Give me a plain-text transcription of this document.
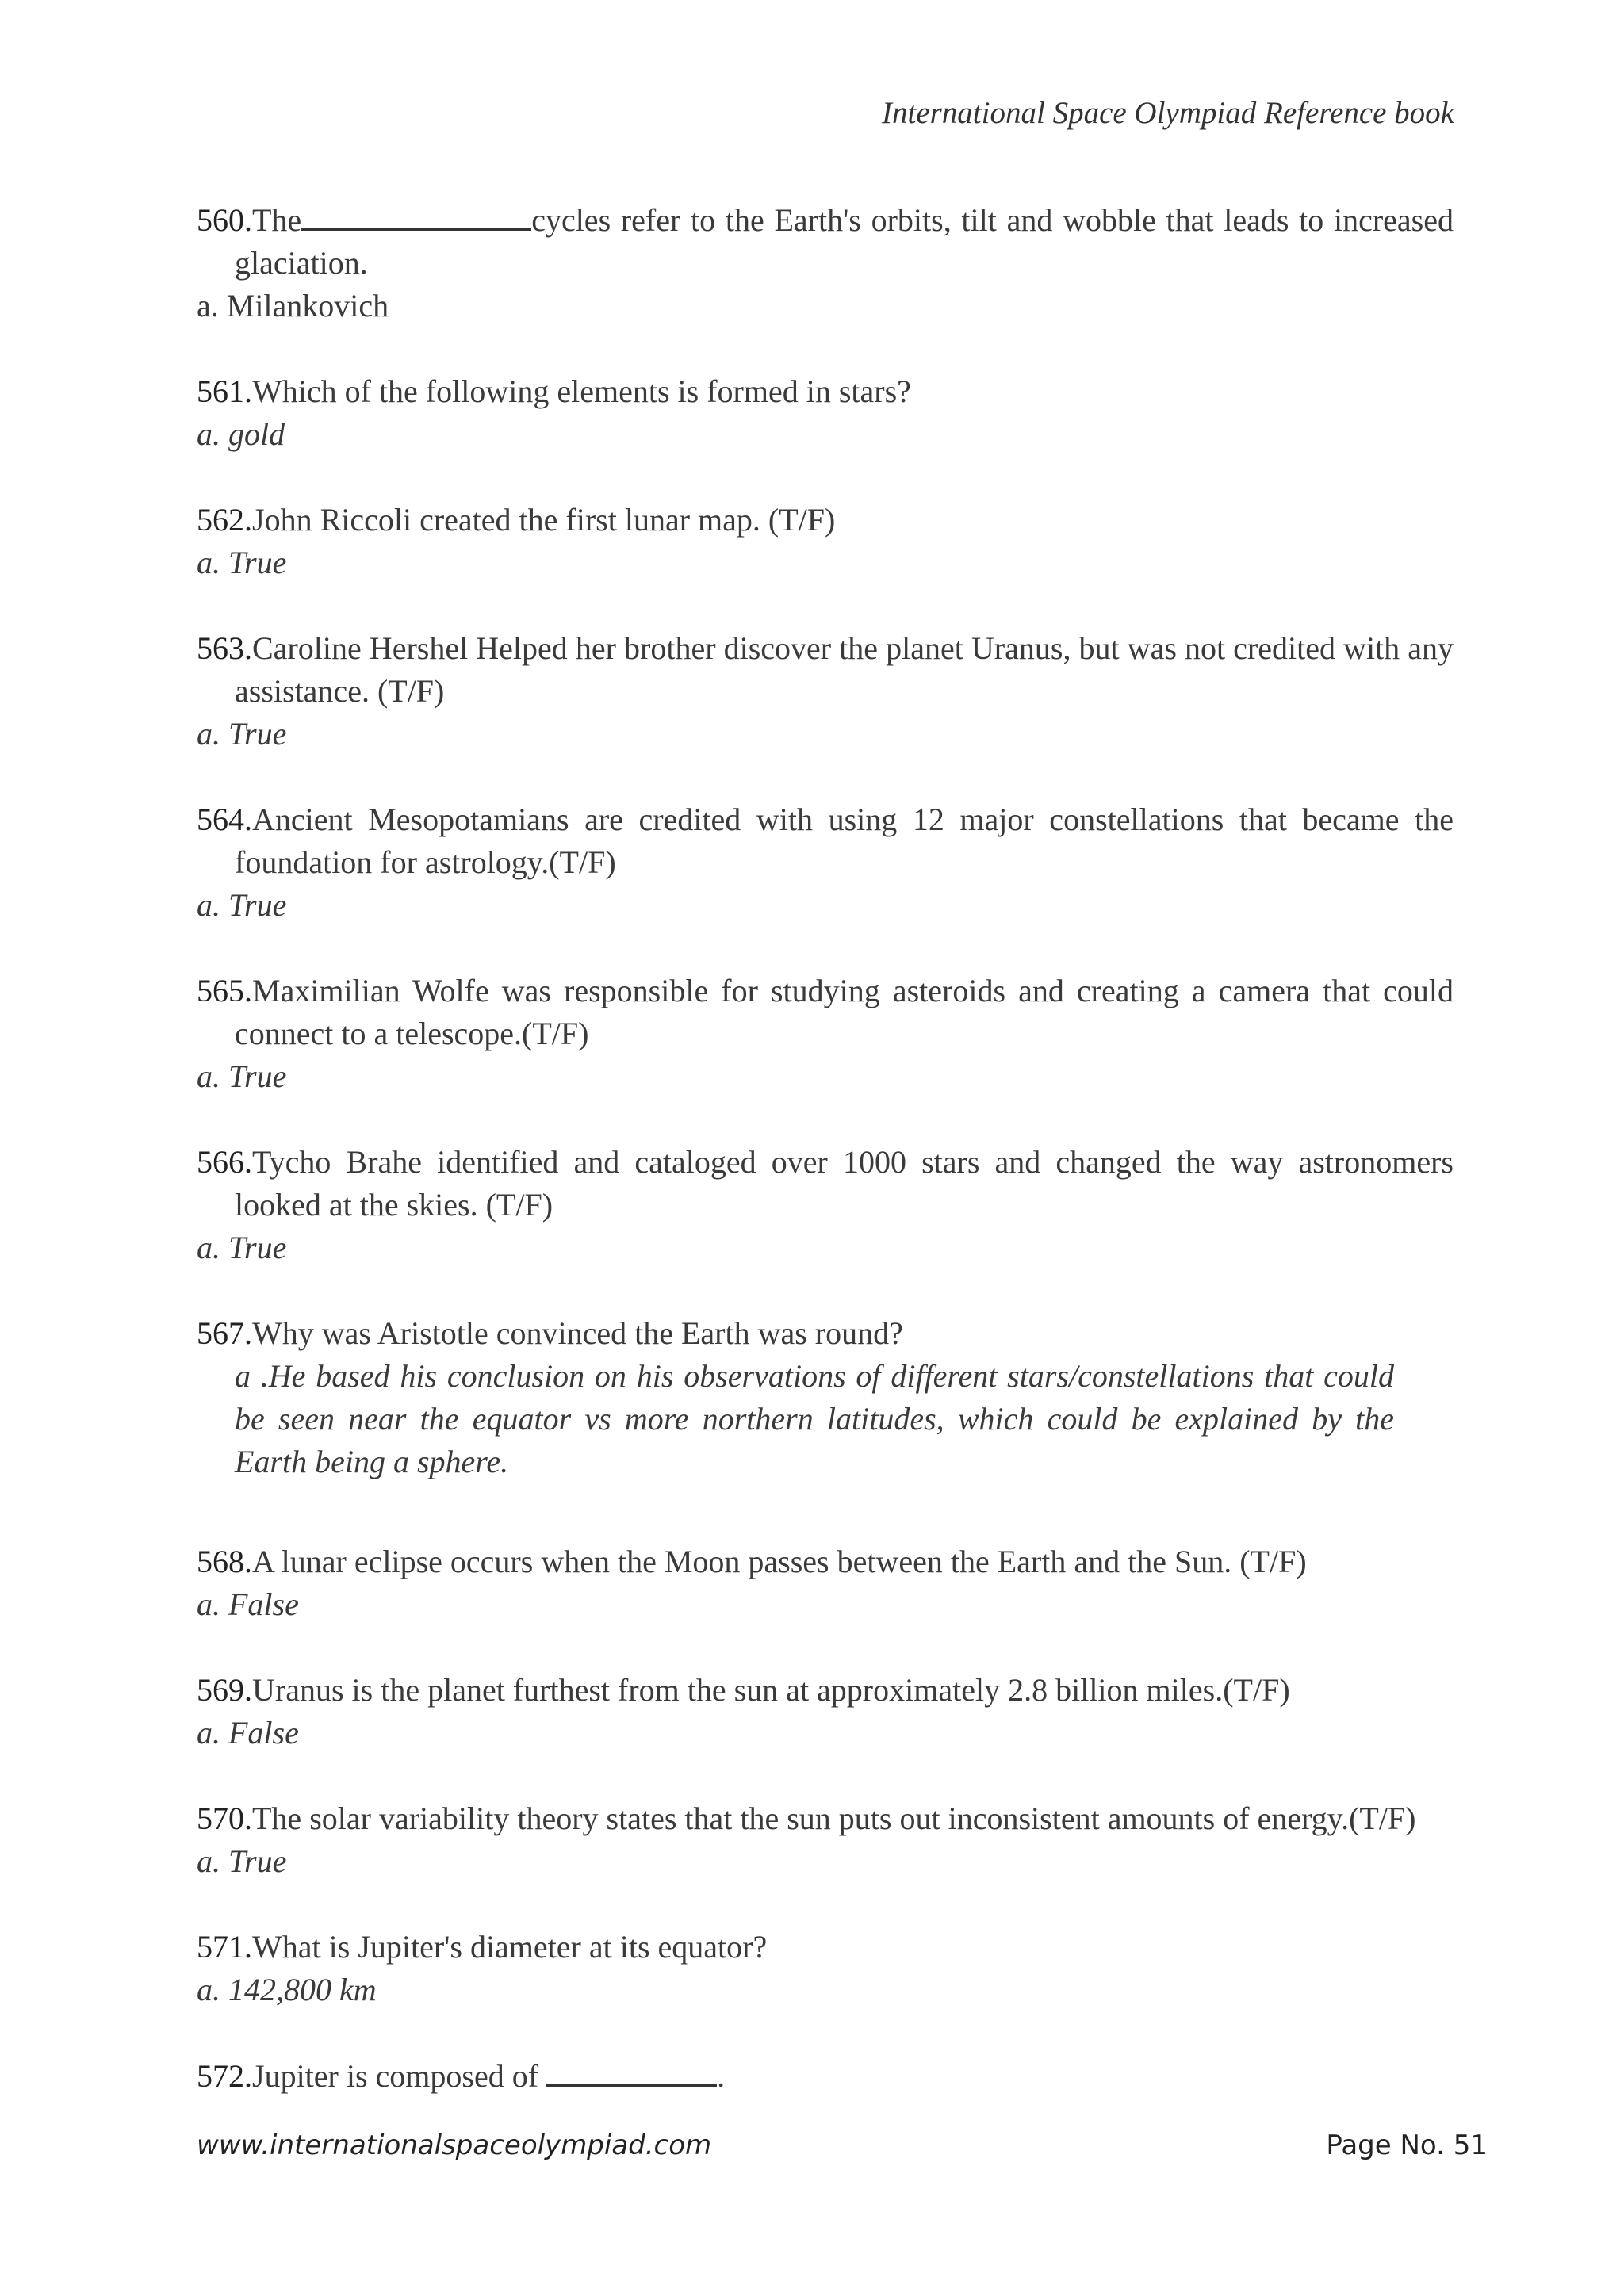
International Space Olympiad Reference book

560.The	cycles refer to the Earth's orbits, tilt and wobble that leads to increased glaciation.

a. Milankovich

561.Which of the following elements is formed in stars?

a. gold

562.John Riccoli created the first lunar map. (T/F)

a. True

563.Caroline Hershel Helped her brother discover the planet Uranus, but was not credited with any assistance. (T/F)

a. True

564.Ancient Mesopotamians are credited with using 12 major constellations that became the foundation for astrology.(T/F)

a. True

565.Maximilian Wolfe was responsible for studying asteroids and creating a camera that could connect to a telescope.(T/F)

a. True

566.Tycho Brahe identified and cataloged over 1000 stars and changed the way astronomers looked at the skies. (T/F)

a. True

567.Why was Aristotle convinced the Earth was round?

a .He based his conclusion on his observations of different stars/constellations that could be seen near the equator vs more northern latitudes, which could be explained by the Earth being a sphere.

568.A lunar eclipse occurs when the Moon passes between the Earth and the Sun. (T/F)

a. False

569.Uranus is the planet furthest from the sun at approximately 2.8 billion miles.(T/F)

a. False

570.The solar variability theory states that the sun puts out inconsistent amounts of energy.(T/F)

a. True

571.What is Jupiter's diameter at its equator?

a. 142,800 km

572.Jupiter is composed of	.

www.internationalspaceolympiad.com	Page No. 51
